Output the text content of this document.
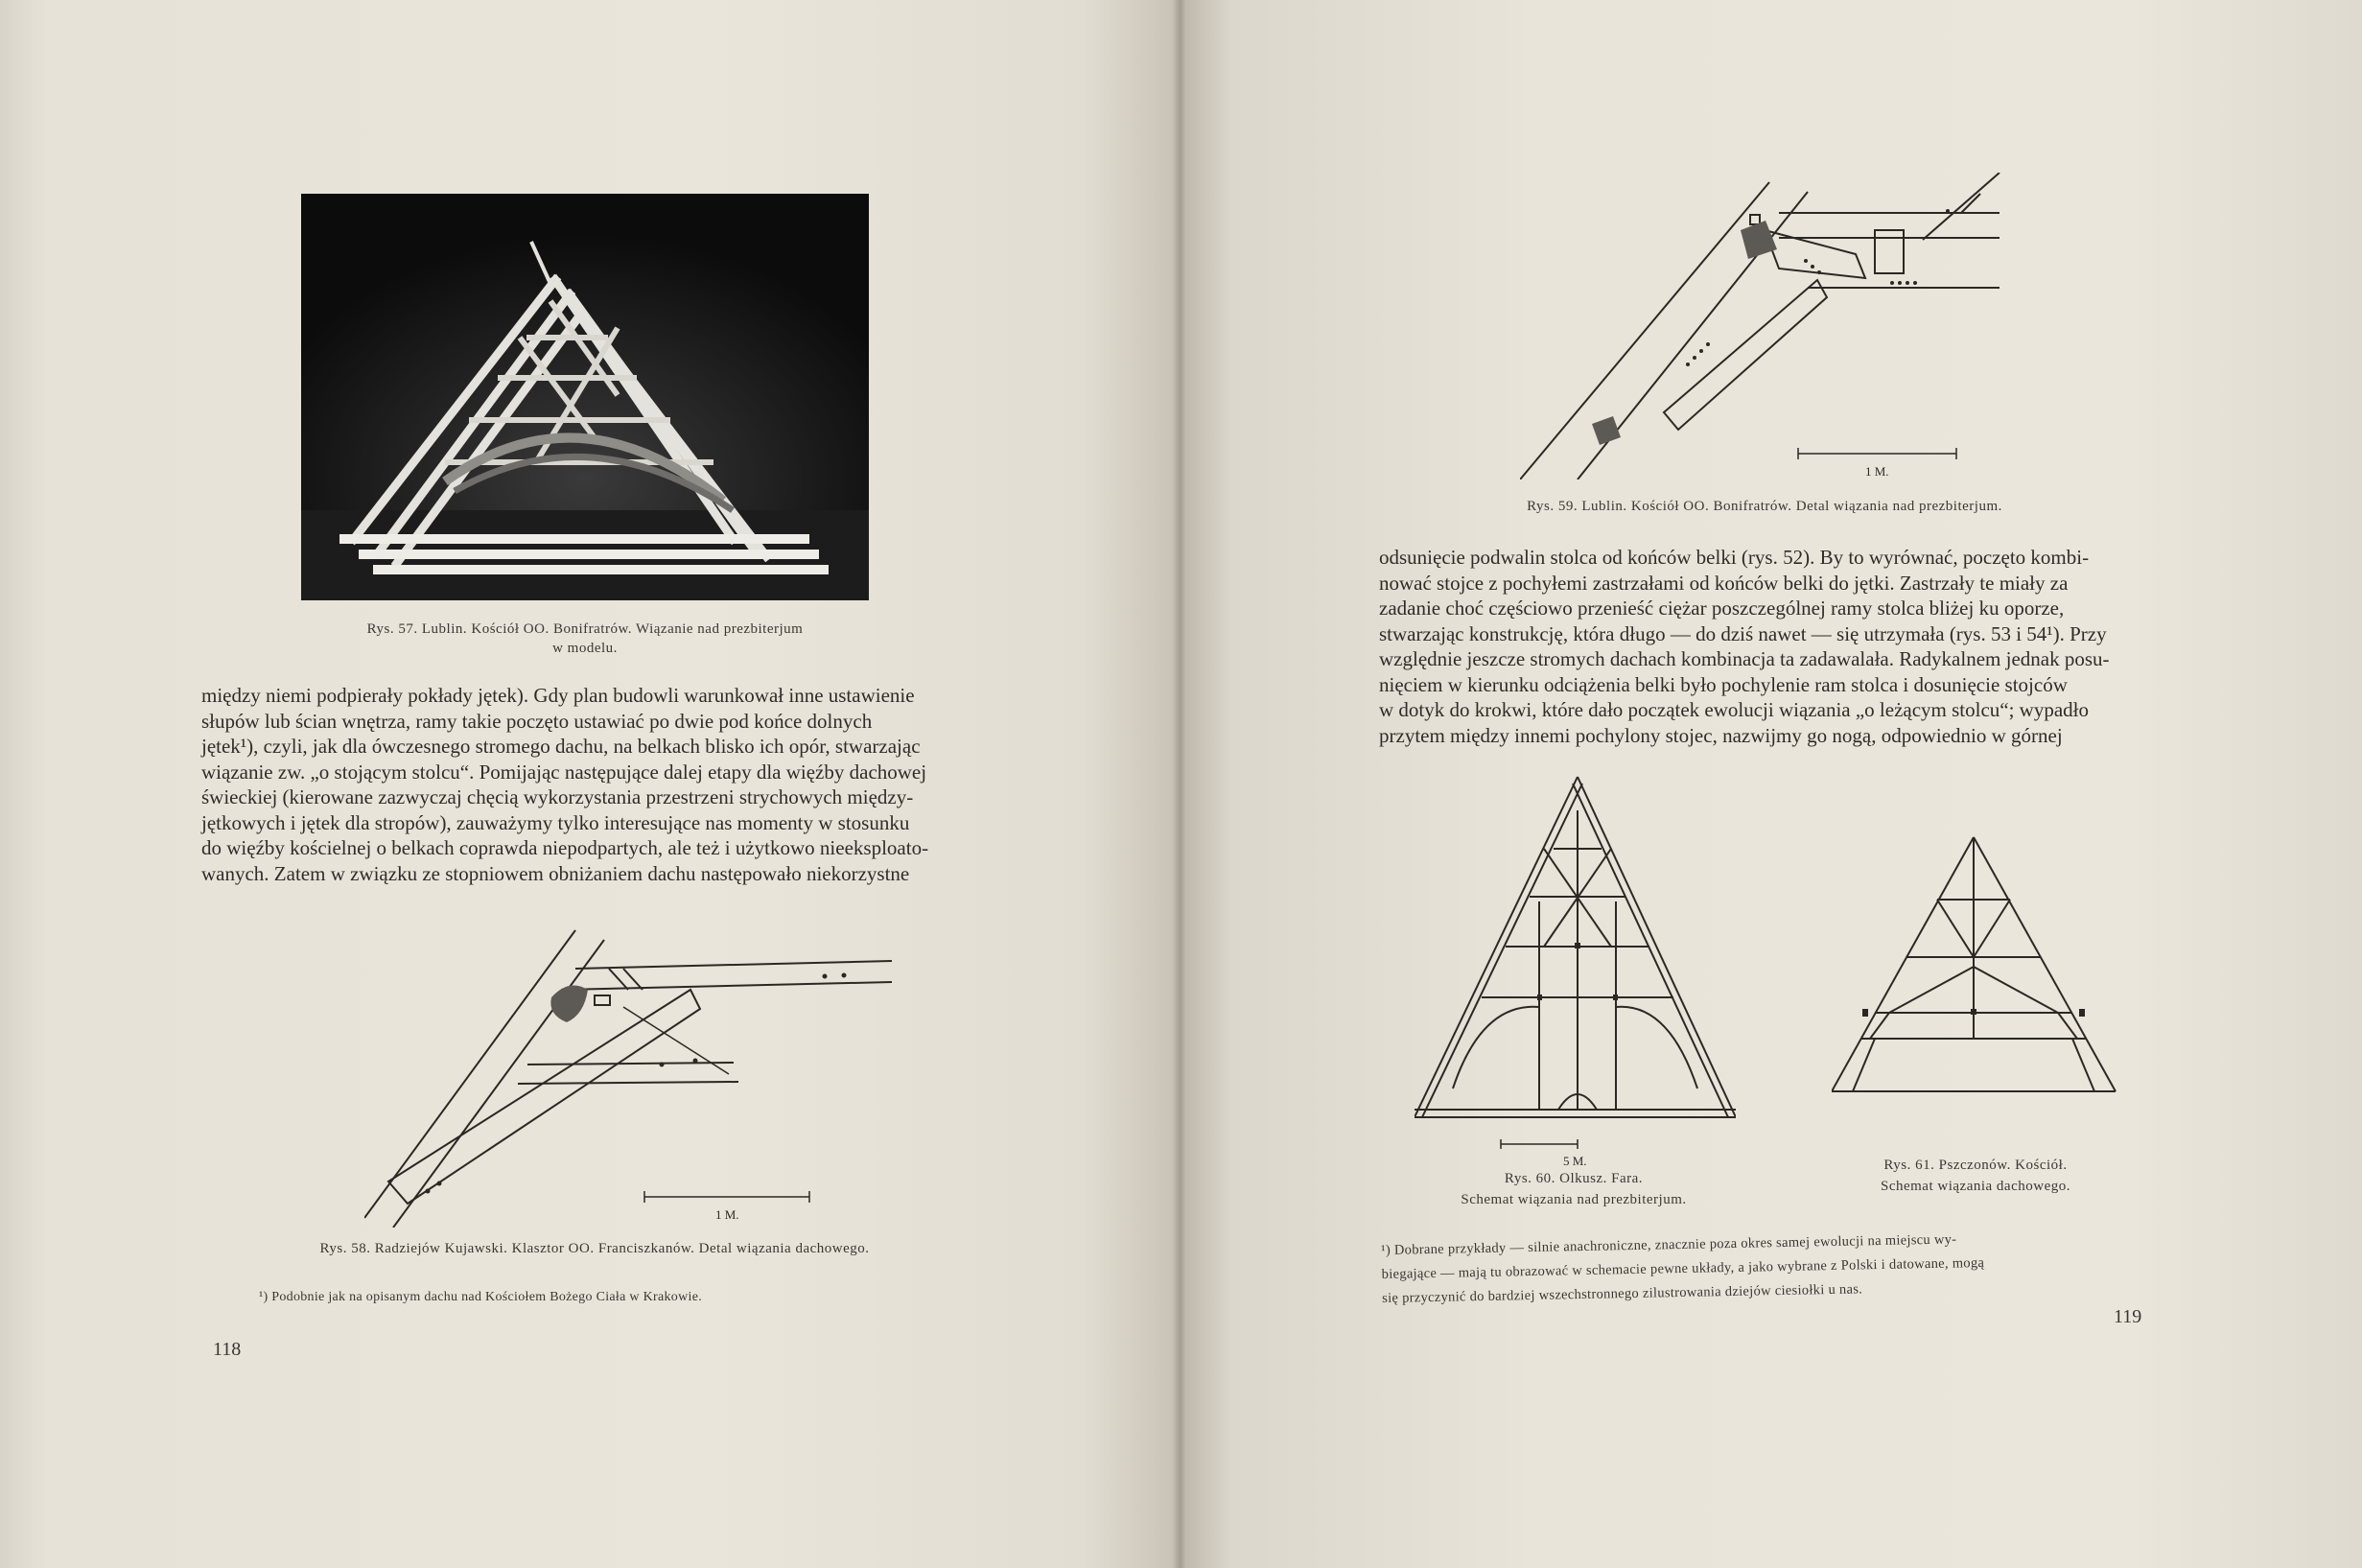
Rys. 57. Lublin. Kościół OO. Bonifratrów. Wiązanie nad prezbiterjum
w modelu.

między niemi podpierały pokłady jętek). Gdy plan budowli warunkował inne ustawienie

słupów lub ścian wnętrza, ramy takie poczęto ustawiać po dwie pod końce dolnych

jętek¹), czyli, jak dla ówczesnego stromego dachu, na belkach blisko ich opór, stwarzając

wiązanie zw. „o stojącym stolcu“. Pomijając następujące dalej etapy dla więźby dachowej

świeckiej (kierowane zazwyczaj chęcią wykorzystania przestrzeni strychowych między-

jętkowych i jętek dla stropów), zauważymy tylko interesujące nas momenty w stosunku

do więźby kościelnej o belkach coprawda niepodpartych, ale też i użytkowo nieeksploato-

wanych. Zatem w związku ze stopniowem obniżaniem dachu następowało niekorzystne

1 M.
Rys. 58. Radziejów Kujawski. Klasztor OO. Franciszkanów. Detal wiązania dachowego.
¹) Podobnie jak na opisanym dachu nad Kościołem Bożego Ciała w Krakowie.
118
1 M.
Rys. 59. Lublin. Kościół OO. Bonifratrów. Detal wiązania nad prezbiterjum.

odsunięcie podwalin stolca od końców belki (rys. 52). By to wyrównać, poczęto kombi-

nować stojce z pochyłemi zastrzałami od końców belki do jętki. Zastrzały te miały za

zadanie choć częściowo przenieść ciężar poszczególnej ramy stolca bliżej ku oporze,

stwarzając konstrukcję, która długo — do dziś nawet — się utrzymała (rys. 53 i 54¹). Przy

względnie jeszcze stromych dachach kombinacja ta zadawalała. Radykalnem jednak posu-

nięciem w kierunku odciążenia belki było pochylenie ram stolca i dosunięcie stojców

w dotyk do krokwi, które dało początek ewolucji wiązania „o leżącym stolcu“; wypadło

przytem między innemi pochylony stojec, nazwijmy go nogą, odpowiednio w górnej

5 M.
Rys. 60. Olkusz. Fara.
Schemat wiązania nad prezbiterjum.
Rys. 61. Pszczonów. Kościół.
Schemat wiązania dachowego.
¹) Dobrane przykłady — silnie anachroniczne, znacznie poza okres samej ewolucji na miejscu wy-
biegające — mają tu obrazować w schemacie pewne układy, a jako wybrane z Polski i datowane, mogą
się przyczynić do bardziej wszechstronnego zilustrowania dziejów ciesiołki u nas.
119
